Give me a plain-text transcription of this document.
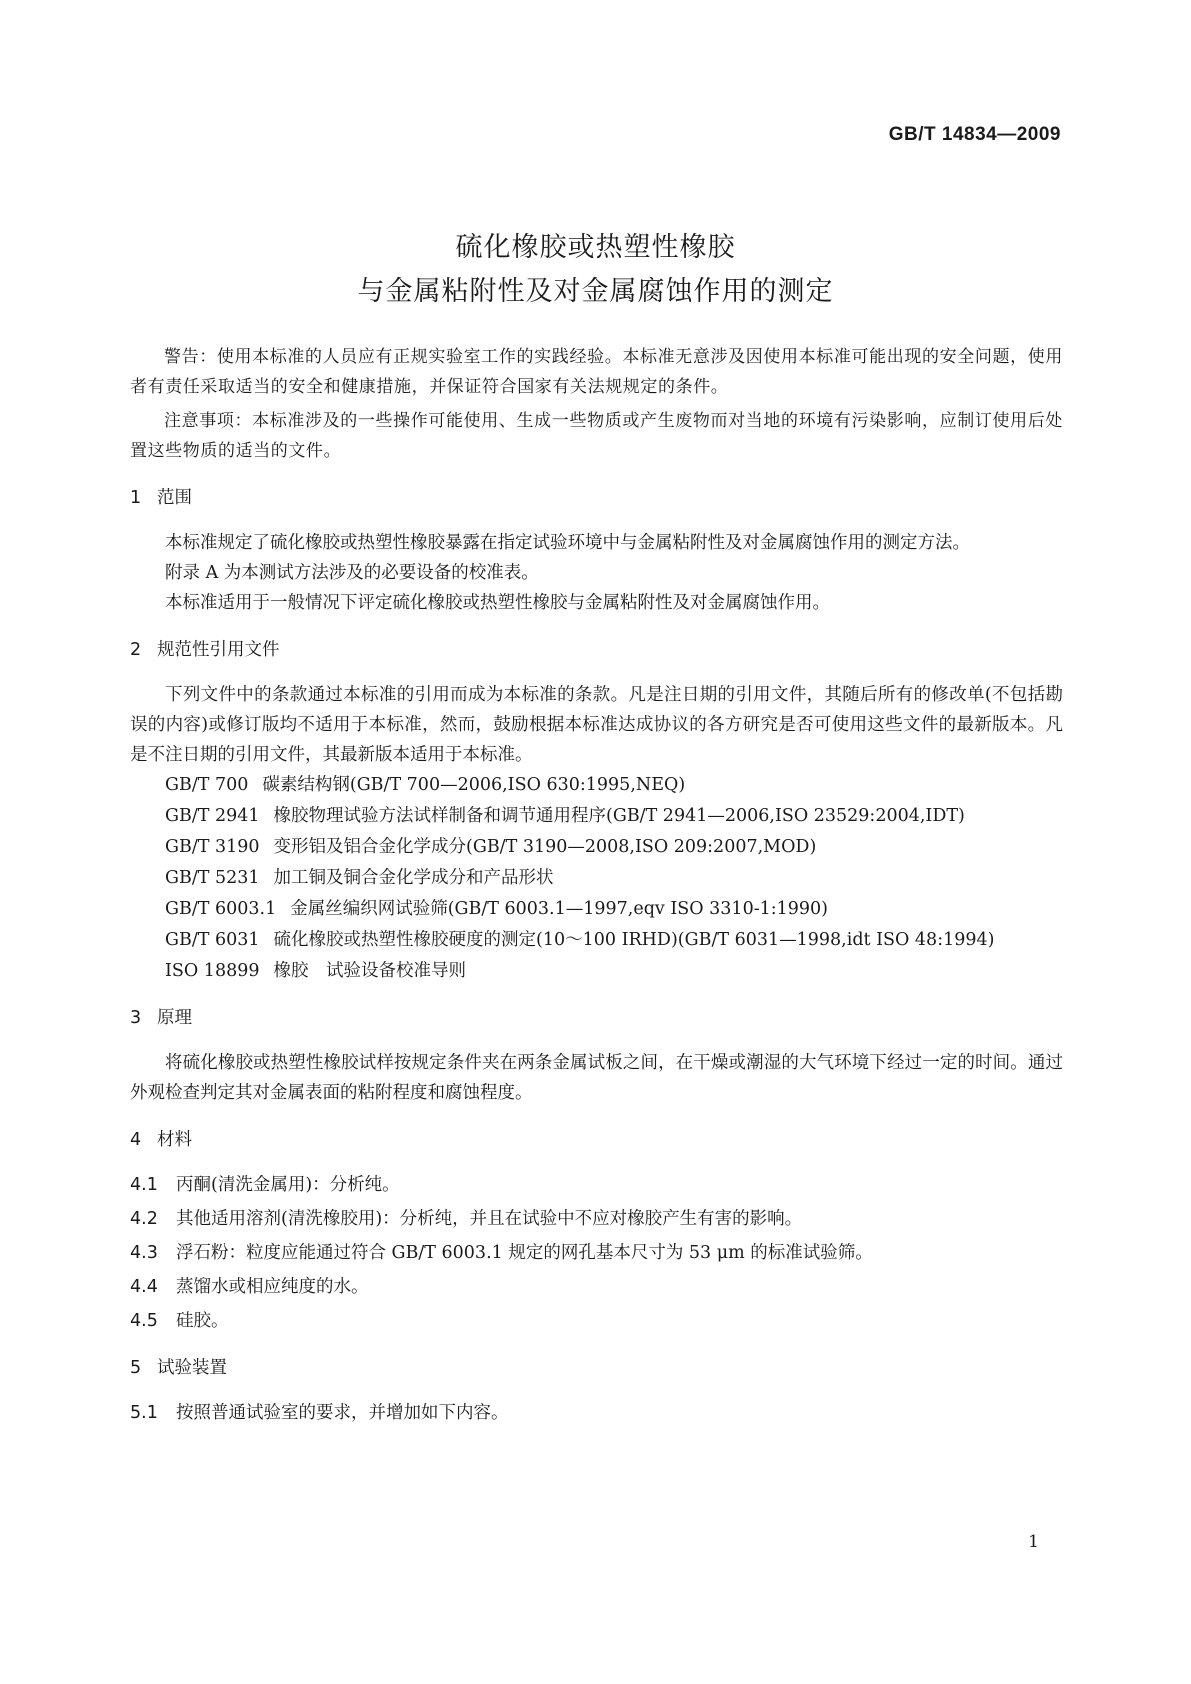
GB/T 14834—2009
硫化橡胶或热塑性橡胶
与金属粘附性及对金属腐蚀作用的测定

警告：使用本标准的人员应有正规实验室工作的实践经验。本标准无意涉及因使用本标准可能出现的安全问题，使用者有责任采取适当的安全和健康措施，并保证符合国家有关法规规定的条件。

注意事项：本标准涉及的一些操作可能使用、生成一些物质或产生废物而对当地的环境有污染影响，应制订使用后处置这些物质的适当的文件。

1 范围

本标准规定了硫化橡胶或热塑性橡胶暴露在指定试验环境中与金属粘附性及对金属腐蚀作用的测定方法。

附录 A 为本测试方法涉及的必要设备的校准表。

本标准适用于一般情况下评定硫化橡胶或热塑性橡胶与金属粘附性及对金属腐蚀作用。

2 规范性引用文件

下列文件中的条款通过本标准的引用而成为本标准的条款。凡是注日期的引用文件，其随后所有的修改单(不包括勘误的内容)或修订版均不适用于本标准，然而，鼓励根据本标准达成协议的各方研究是否可使用这些文件的最新版本。凡是不注日期的引用文件，其最新版本适用于本标准。

GB/T 700 碳素结构钢(GB/T 700—2006,ISO 630:1995,NEQ)

GB/T 2941 橡胶物理试验方法试样制备和调节通用程序(GB/T 2941—2006,ISO 23529:2004,IDT)

GB/T 3190 变形铝及铝合金化学成分(GB/T 3190—2008,ISO 209:2007,MOD)

GB/T 5231 加工铜及铜合金化学成分和产品形状

GB/T 6003.1 金属丝编织网试验筛(GB/T 6003.1—1997,eqv ISO 3310-1:1990)

GB/T 6031 硫化橡胶或热塑性橡胶硬度的测定(10～100 IRHD)(GB/T 6031—1998,idt ISO 48:1994)

ISO 18899 橡胶　试验设备校准导则

3 原理

将硫化橡胶或热塑性橡胶试样按规定条件夹在两条金属试板之间，在干燥或潮湿的大气环境下经过一定的时间。通过外观检查判定其对金属表面的粘附程度和腐蚀程度。

4 材料

4.1 丙酮(清洗金属用)：分析纯。

4.2 其他适用溶剂(清洗橡胶用)：分析纯，并且在试验中不应对橡胶产生有害的影响。

4.3 浮石粉：粒度应能通过符合 GB/T 6003.1 规定的网孔基本尺寸为 53 μm 的标准试验筛。

4.4 蒸馏水或相应纯度的水。

4.5 硅胶。

5 试验装置

5.1 按照普通试验室的要求，并增加如下内容。

1
